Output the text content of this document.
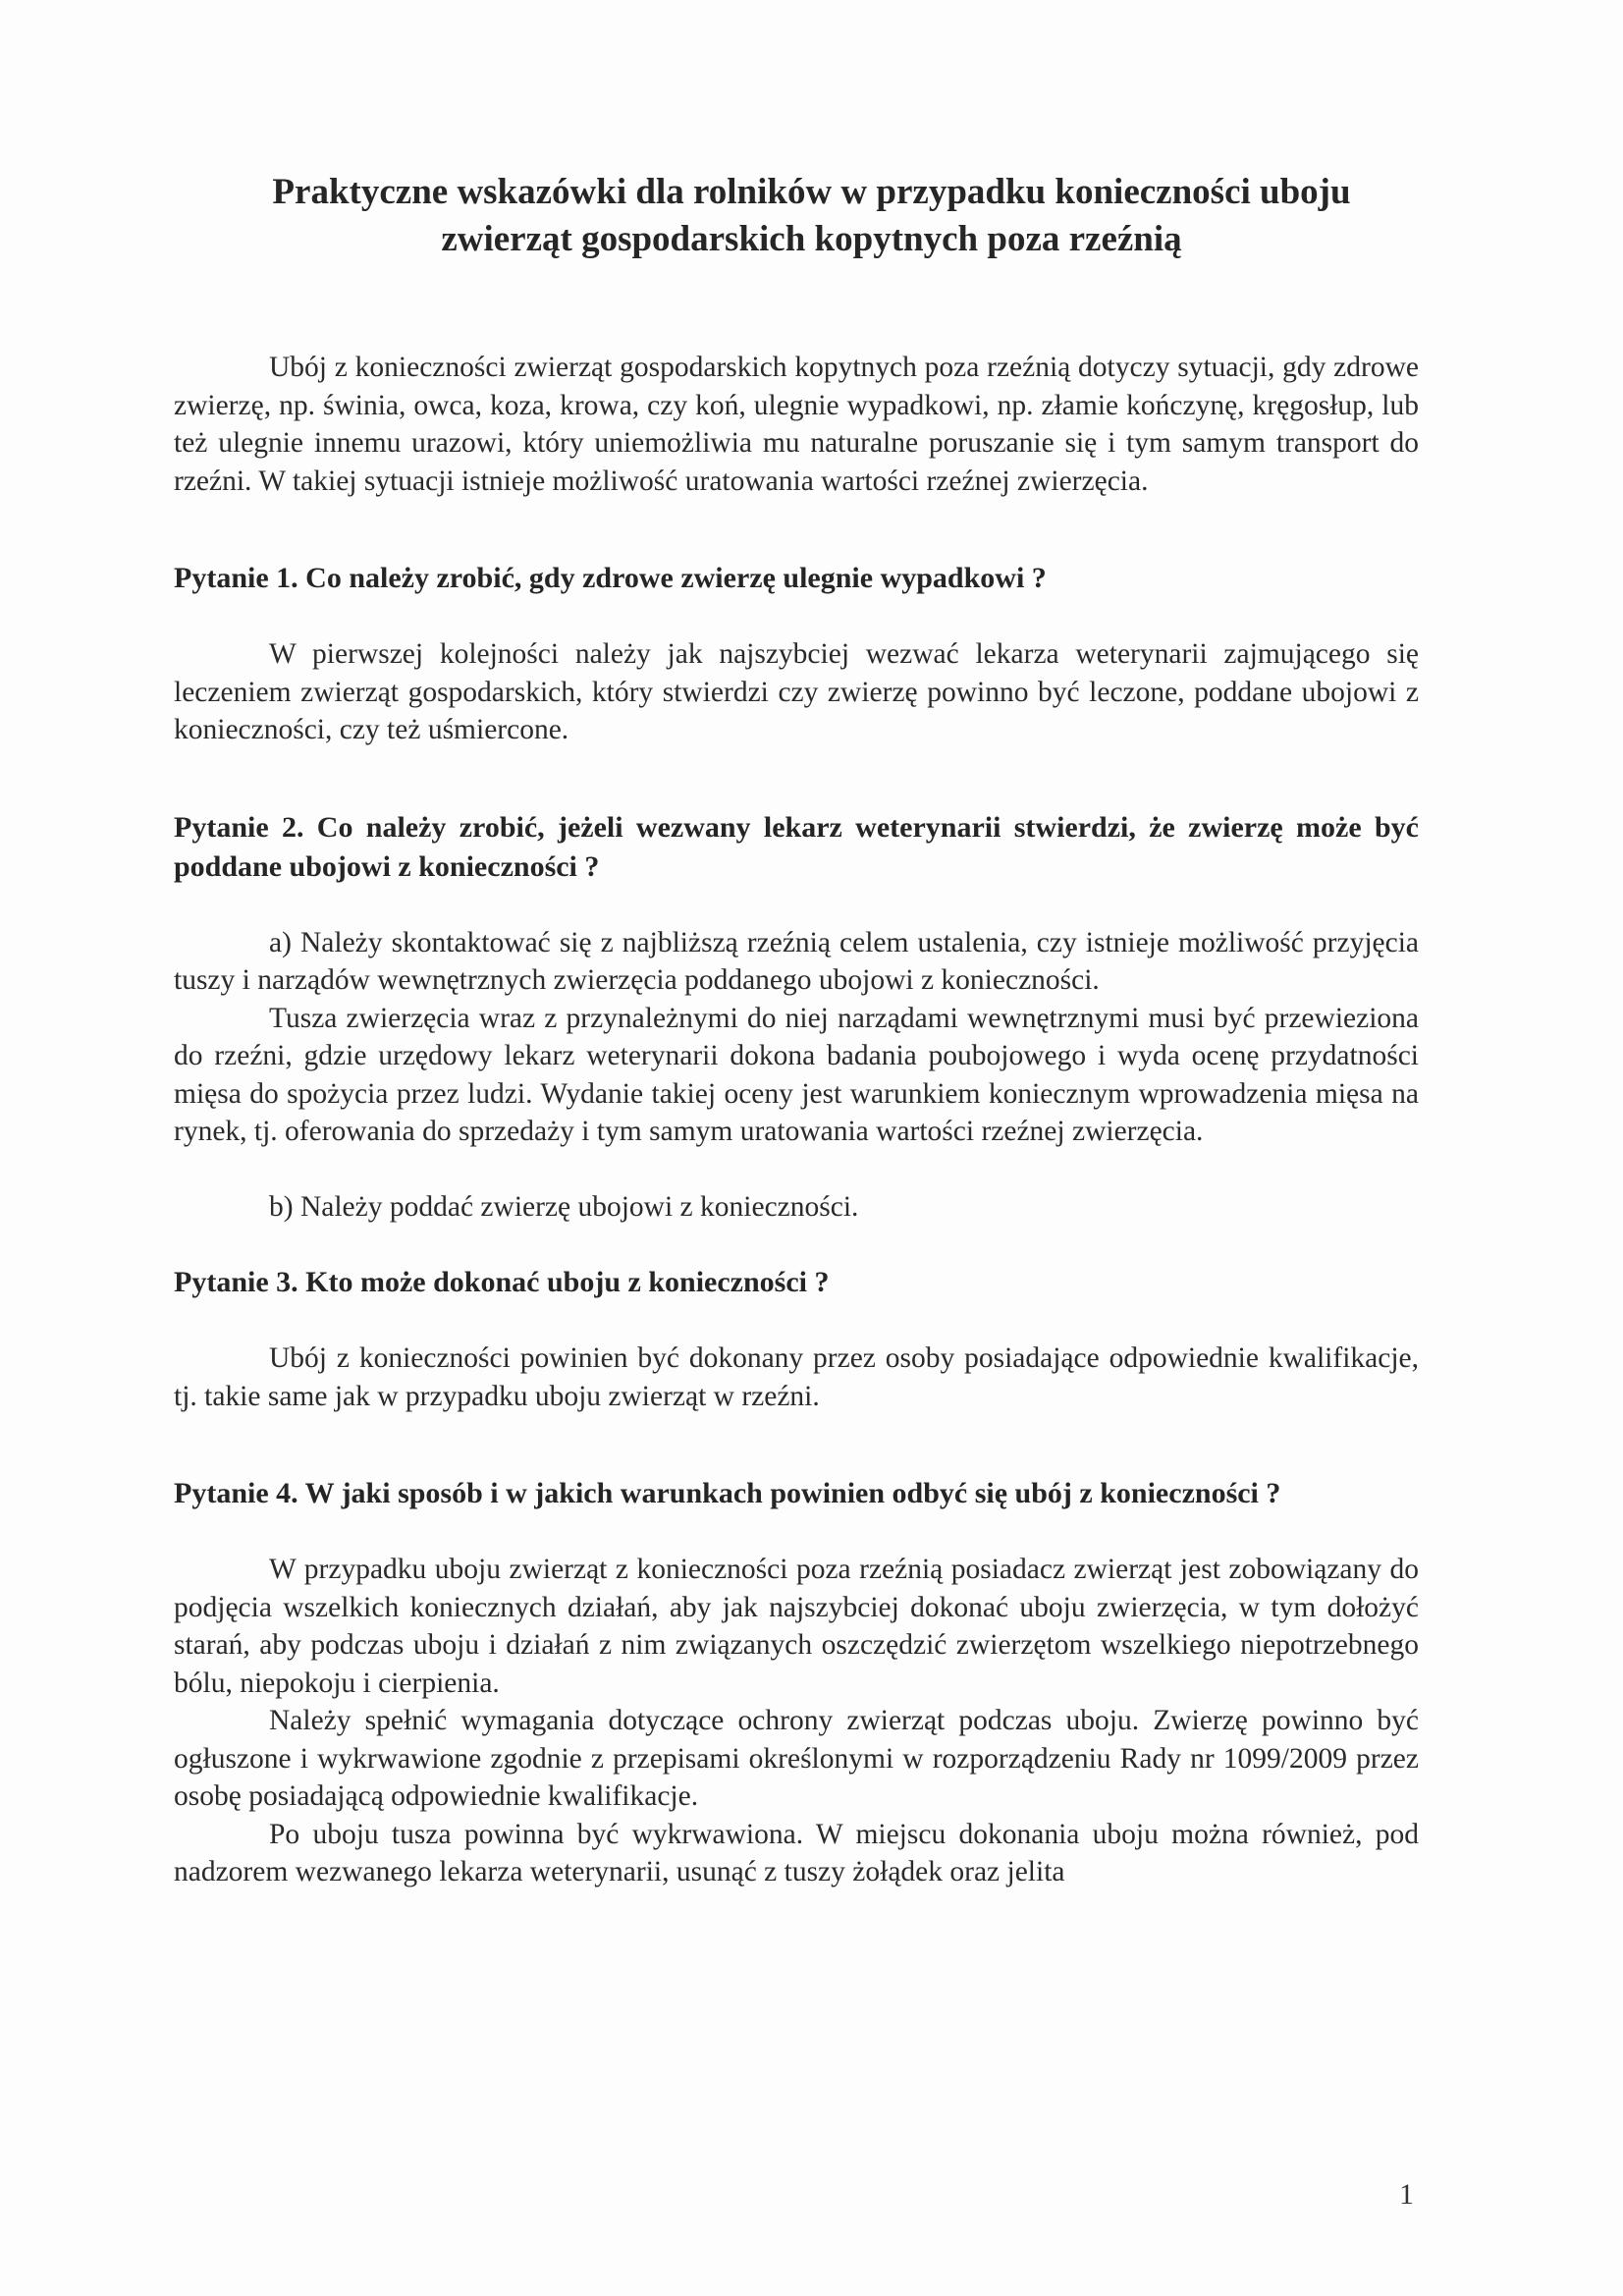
Praktyczne wskazówki dla rolników w przypadku konieczności uboju
zwierząt gospodarskich kopytnych poza rzeźnią

Ubój z konieczności zwierząt gospodarskich kopytnych poza rzeźnią dotyczy sytuacji, gdy zdrowe zwierzę, np. świnia, owca, koza, krowa, czy koń, ulegnie wypadkowi, np. złamie kończynę, kręgosłup, lub też ulegnie innemu urazowi, który uniemożliwia mu naturalne poruszanie się i tym samym transport do rzeźni. W takiej sytuacji istnieje możliwość uratowania wartości rzeźnej zwierzęcia.

Pytanie 1. Co należy zrobić, gdy zdrowe zwierzę ulegnie wypadkowi ?

W pierwszej kolejności należy jak najszybciej wezwać lekarza weterynarii zajmującego się leczeniem zwierząt gospodarskich, który stwierdzi czy zwierzę powinno być leczone, poddane ubojowi z konieczności, czy też uśmiercone.

Pytanie 2. Co należy zrobić, jeżeli wezwany lekarz weterynarii stwierdzi, że zwierzę może być poddane ubojowi z konieczności ?

a) Należy skontaktować się z najbliższą rzeźnią celem ustalenia, czy istnieje możliwość przyjęcia tuszy i narządów wewnętrznych zwierzęcia poddanego ubojowi z konieczności.

Tusza zwierzęcia wraz z przynależnymi do niej narządami wewnętrznymi musi być przewieziona do rzeźni, gdzie urzędowy lekarz weterynarii dokona badania poubojowego i wyda ocenę przydatności mięsa do spożycia przez ludzi. Wydanie takiej oceny jest warunkiem koniecznym wprowadzenia mięsa na rynek, tj. oferowania do sprzedaży i tym samym uratowania wartości rzeźnej zwierzęcia.

b) Należy poddać zwierzę ubojowi z konieczności.

Pytanie 3. Kto może dokonać uboju z konieczności ?

Ubój z konieczności powinien być dokonany przez osoby posiadające odpowiednie kwalifikacje, tj. takie same jak w przypadku uboju zwierząt w rzeźni.

Pytanie 4. W jaki sposób i w jakich warunkach powinien odbyć się ubój z konieczności ?

W przypadku uboju zwierząt z konieczności poza rzeźnią posiadacz zwierząt jest zobowiązany do podjęcia wszelkich koniecznych działań, aby jak najszybciej dokonać uboju zwierzęcia, w tym dołożyć starań, aby podczas uboju i działań z nim związanych oszczędzić zwierzętom wszelkiego niepotrzebnego bólu, niepokoju i cierpienia.

Należy spełnić wymagania dotyczące ochrony zwierząt podczas uboju. Zwierzę powinno być ogłuszone i wykrwawione zgodnie z przepisami określonymi w rozporządzeniu Rady nr 1099/2009 przez osobę posiadającą odpowiednie kwalifikacje.

Po uboju tusza powinna być wykrwawiona. W miejscu dokonania uboju można również, pod nadzorem wezwanego lekarza weterynarii, usunąć z tuszy żołądek oraz jelita

1
